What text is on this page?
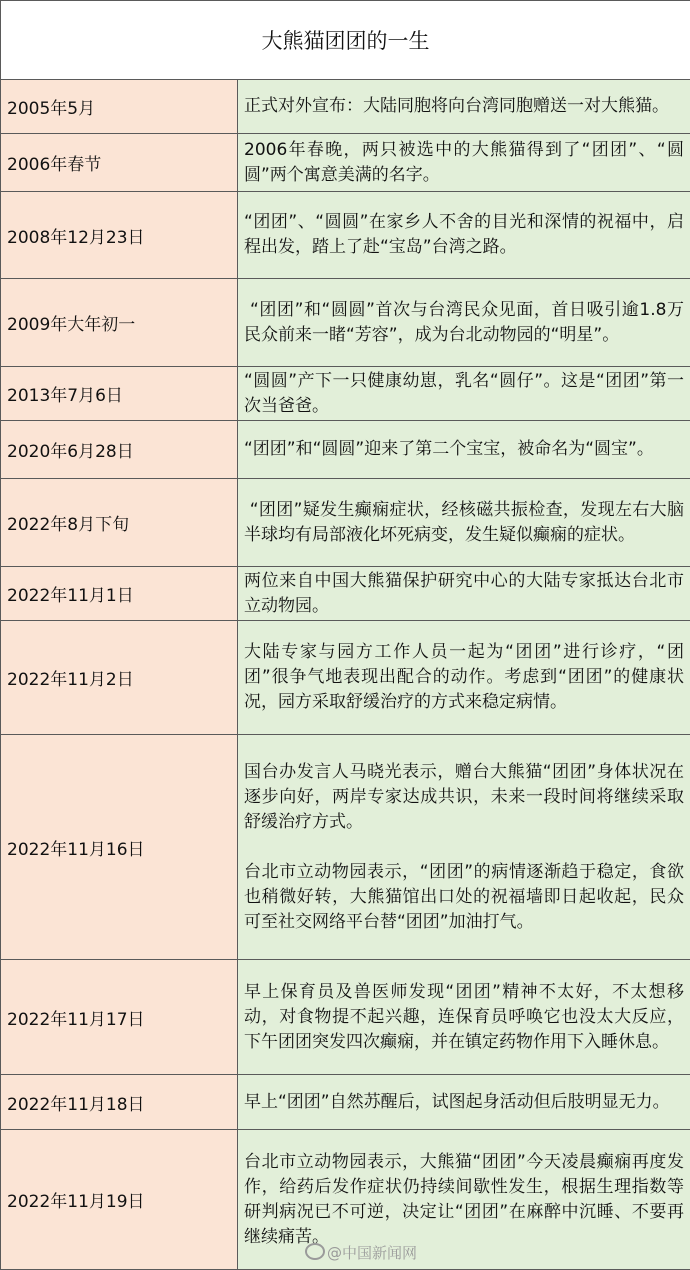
大熊猫团团的一生	
2005年5月	正式对外宣布：大陆同胞将向台湾同胞赠送一对大熊猫。
2006年春节	2006年春晚，两只被选中的大熊猫得到了“团团”、“圆圆”两个寓意美满的名字。
2008年12月23日	“团团”、“圆圆”在家乡人不舍的目光和深情的祝福中，启程出发，踏上了赴“宝岛”台湾之路。
2009年大年初一	“团团”和“圆圆”首次与台湾民众见面，首日吸引逾1.8万民众前来一睹“芳容”，成为台北动物园的“明星”。
2013年7月6日	“圆圆”产下一只健康幼崽，乳名“圆仔”。这是“团团”第一次当爸爸。
2020年6月28日	“团团”和“圆圆”迎来了第二个宝宝，被命名为“圆宝”。
2022年8月下旬	“团团”疑发生癫痫症状，经核磁共振检查，发现左右大脑半球均有局部液化坏死病变，发生疑似癫痫的症状。
2022年11月1日	两位来自中国大熊猫保护研究中心的大陆专家抵达台北市立动物园。
2022年11月2日	大陆专家与园方工作人员一起为“团团”进行诊疗，“团团”很争气地表现出配合的动作。考虑到“团团”的健康状况，园方采取舒缓治疗的方式来稳定病情。
2022年11月16日	国台办发言人马晓光表示，赠台大熊猫“团团”身体状况在逐步向好，两岸专家达成共识，未来一段时间将继续采取舒缓治疗方式。

台北市立动物园表示，“团团”的病情逐渐趋于稳定，食欲也稍微好转，大熊猫馆出口处的祝福墙即日起收起，民众可至社交网络平台替“团团”加油打气。
2022年11月17日	早上保育员及兽医师发现“团团”精神不太好，不太想移动，对食物提不起兴趣，连保育员呼唤它也没太大反应，下午团团突发四次癫痫，并在镇定药物作用下入睡休息。
2022年11月18日	早上“团团”自然苏醒后，试图起身活动但后肢明显无力。
2022年11月19日	台北市立动物园表示，大熊猫“团团”今天凌晨癫痫再度发作，给药后发作症状仍持续间歇性发生，根据生理指数等研判病况已不可逆，决定让“团团”在麻醉中沉睡、不要再继续痛苦。
@中国新闻网
